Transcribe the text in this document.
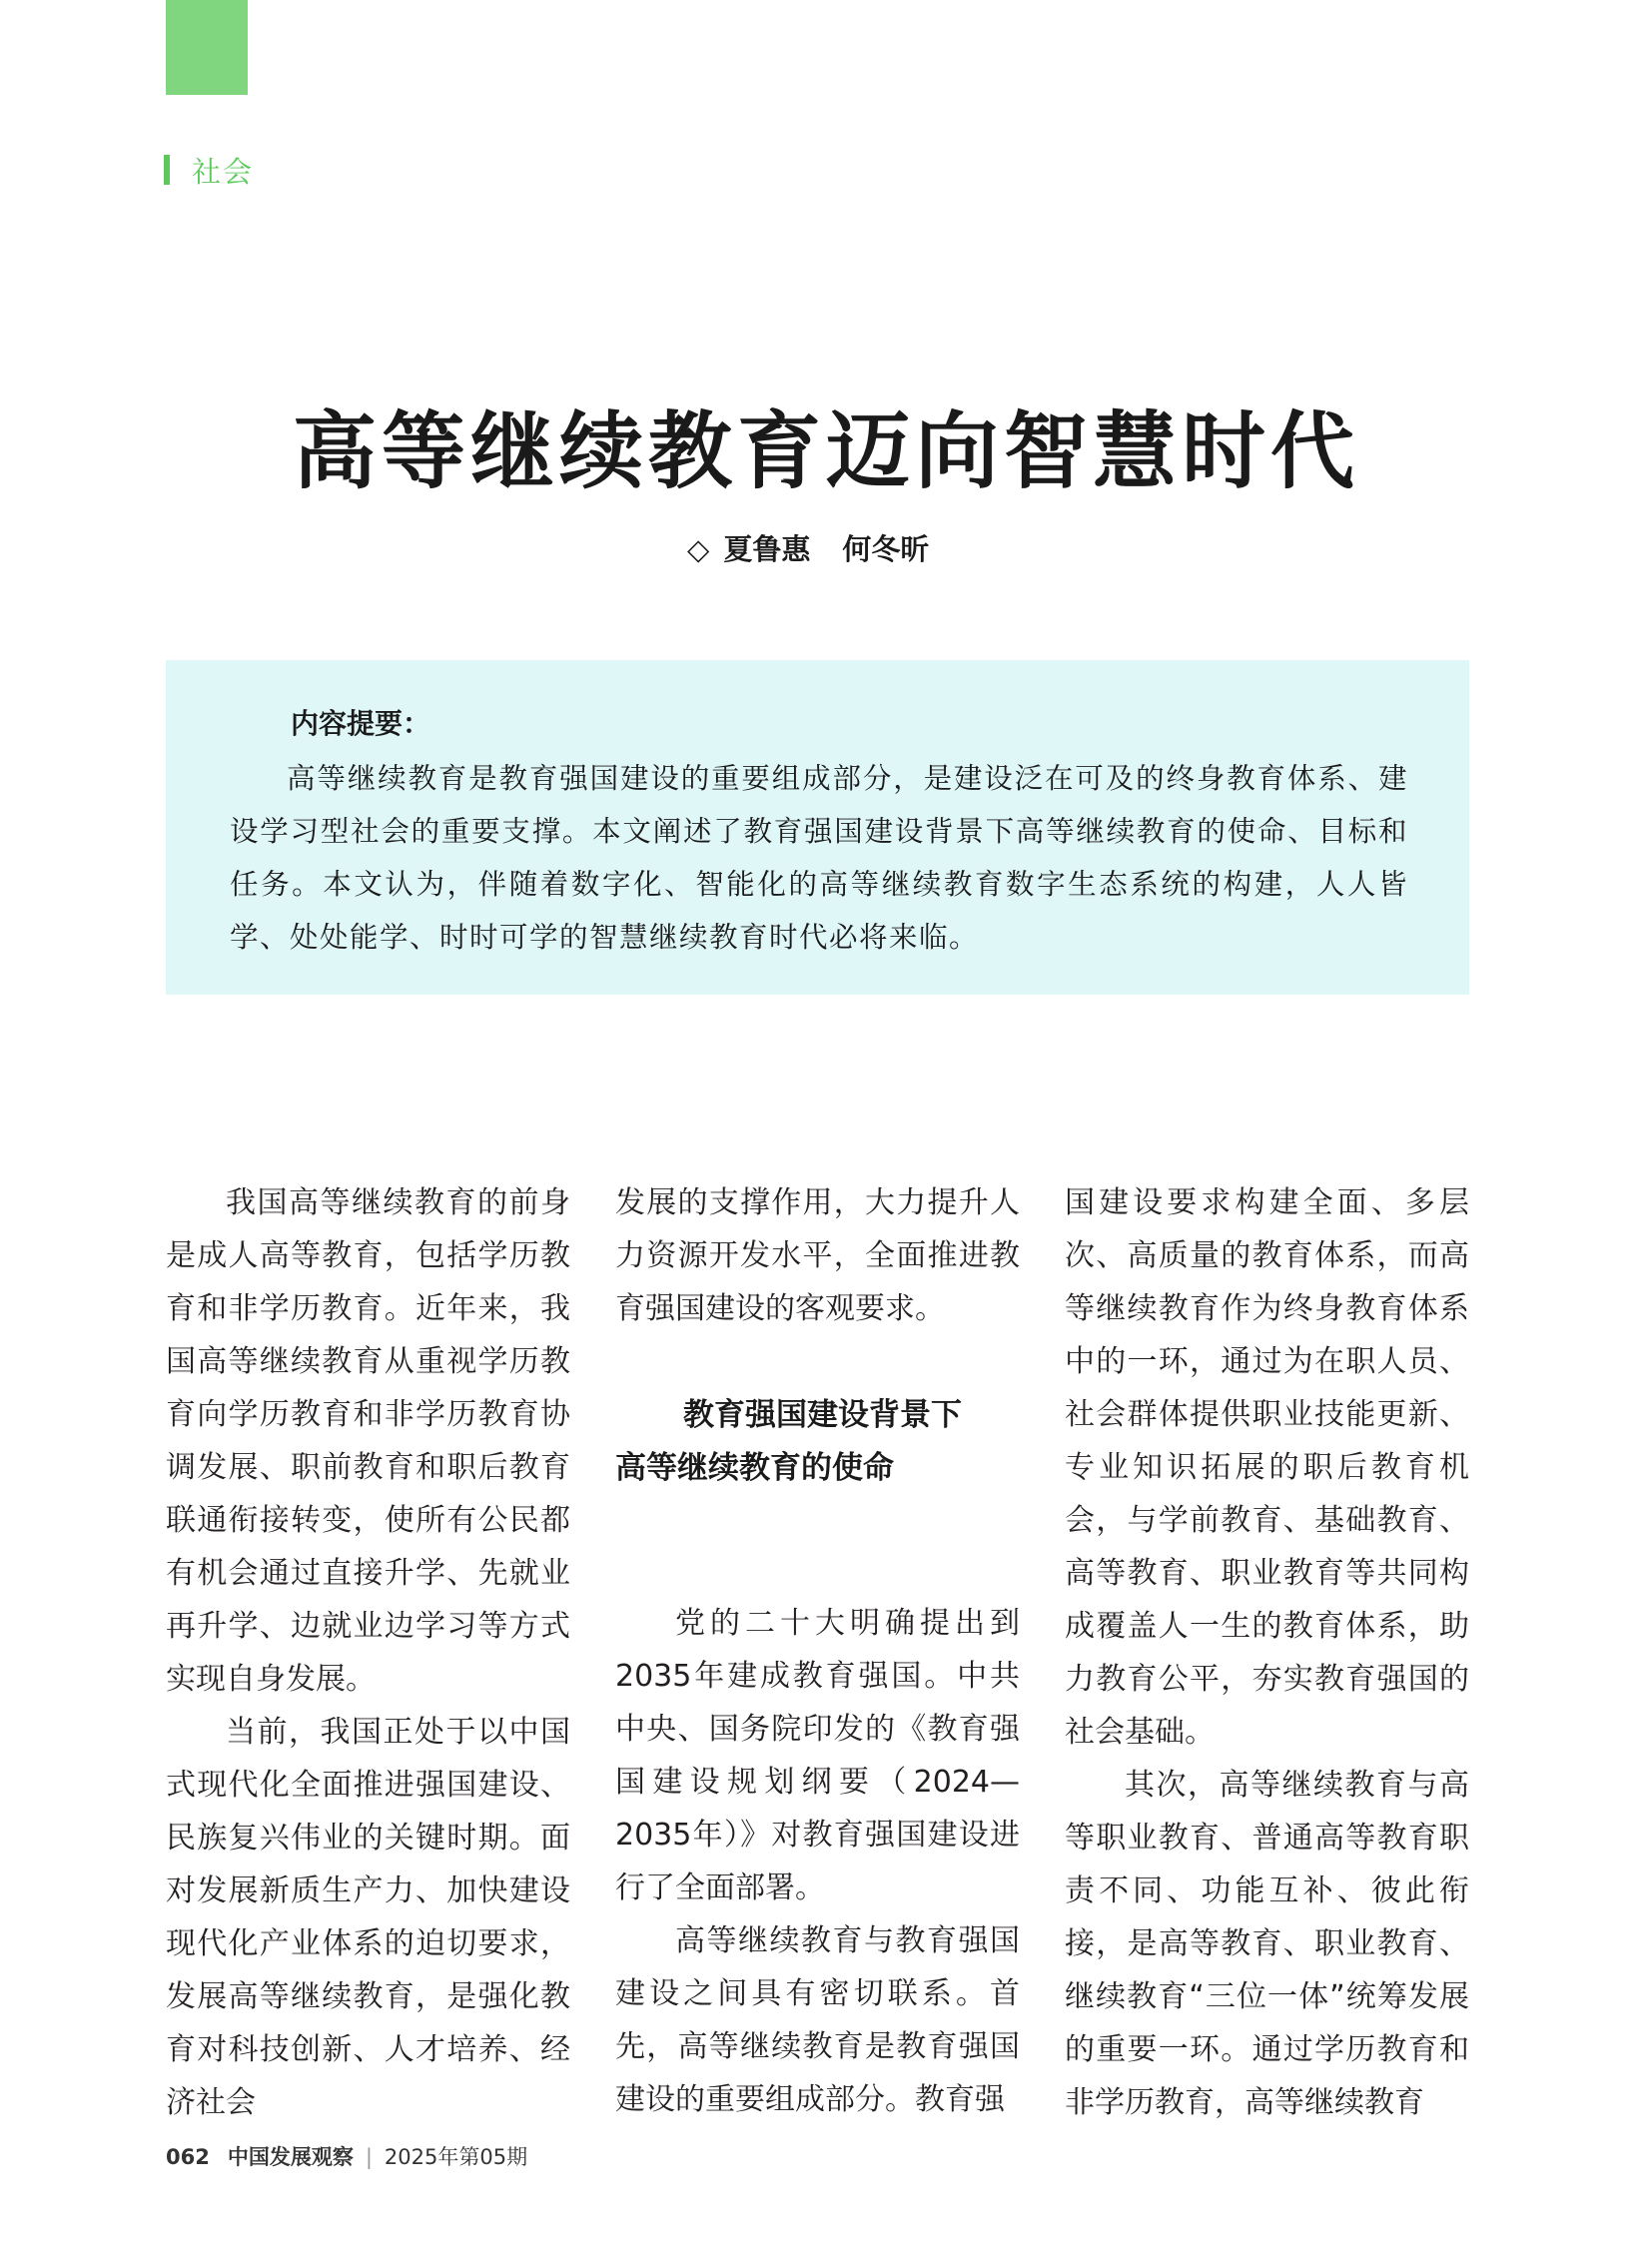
社会
高等继续教育迈向智慧时代
◇ 夏鲁惠 何冬昕
内容提要：
高等继续教育是教育强国建设的重要组成部分，是建设泛在可及的终身教育体系、建设学习型社会的重要支撑。本文阐述了教育强国建设背景下高等继续教育的使命、目标和任务。本文认为，伴随着数字化、智能化的高等继续教育数字生态系统的构建，人人皆学、处处能学、时时可学的智慧继续教育时代必将来临。

我国高等继续教育的前身是成人高等教育，包括学历教育和非学历教育。近年来，我国高等继续教育从重视学历教育向学历教育和非学历教育协调发展、职前教育和职后教育联通衔接转变，使所有公民都有机会通过直接升学、先就业再升学、边就业边学习等方式实现自身发展。

当前，我国正处于以中国式现代化全面推进强国建设、民族复兴伟业的关键时期。面对发展新质生产力、加快建设现代化产业体系的迫切要求，发展高等继续教育，是强化教育对科技创新、人才培养、经济社会

发展的支撑作用，大力提升人力资源开发水平，全面推进教育强国建设的客观要求。

教育强国建设背景下
高等继续教育的使命

党的二十大明确提出到2035年建成教育强国。中共中央、国务院印发的《教育强国建设规划纲要（2024—2035年）》对教育强国建设进行了全面部署。

高等继续教育与教育强国建设之间具有密切联系。首先，高等继续教育是教育强国建设的重要组成部分。教育强

国建设要求构建全面、多层次、高质量的教育体系，而高等继续教育作为终身教育体系中的一环，通过为在职人员、社会群体提供职业技能更新、专业知识拓展的职后教育机会，与学前教育、基础教育、高等教育、职业教育等共同构成覆盖人一生的教育体系，助力教育公平，夯实教育强国的社会基础。

其次，高等继续教育与高等职业教育、普通高等教育职责不同、功能互补、彼此衔接，是高等教育、职业教育、继续教育“三位一体”统筹发展的重要一环。通过学历教育和非学历教育，高等继续教育

062 中国发展观察 | 2025年第05期
